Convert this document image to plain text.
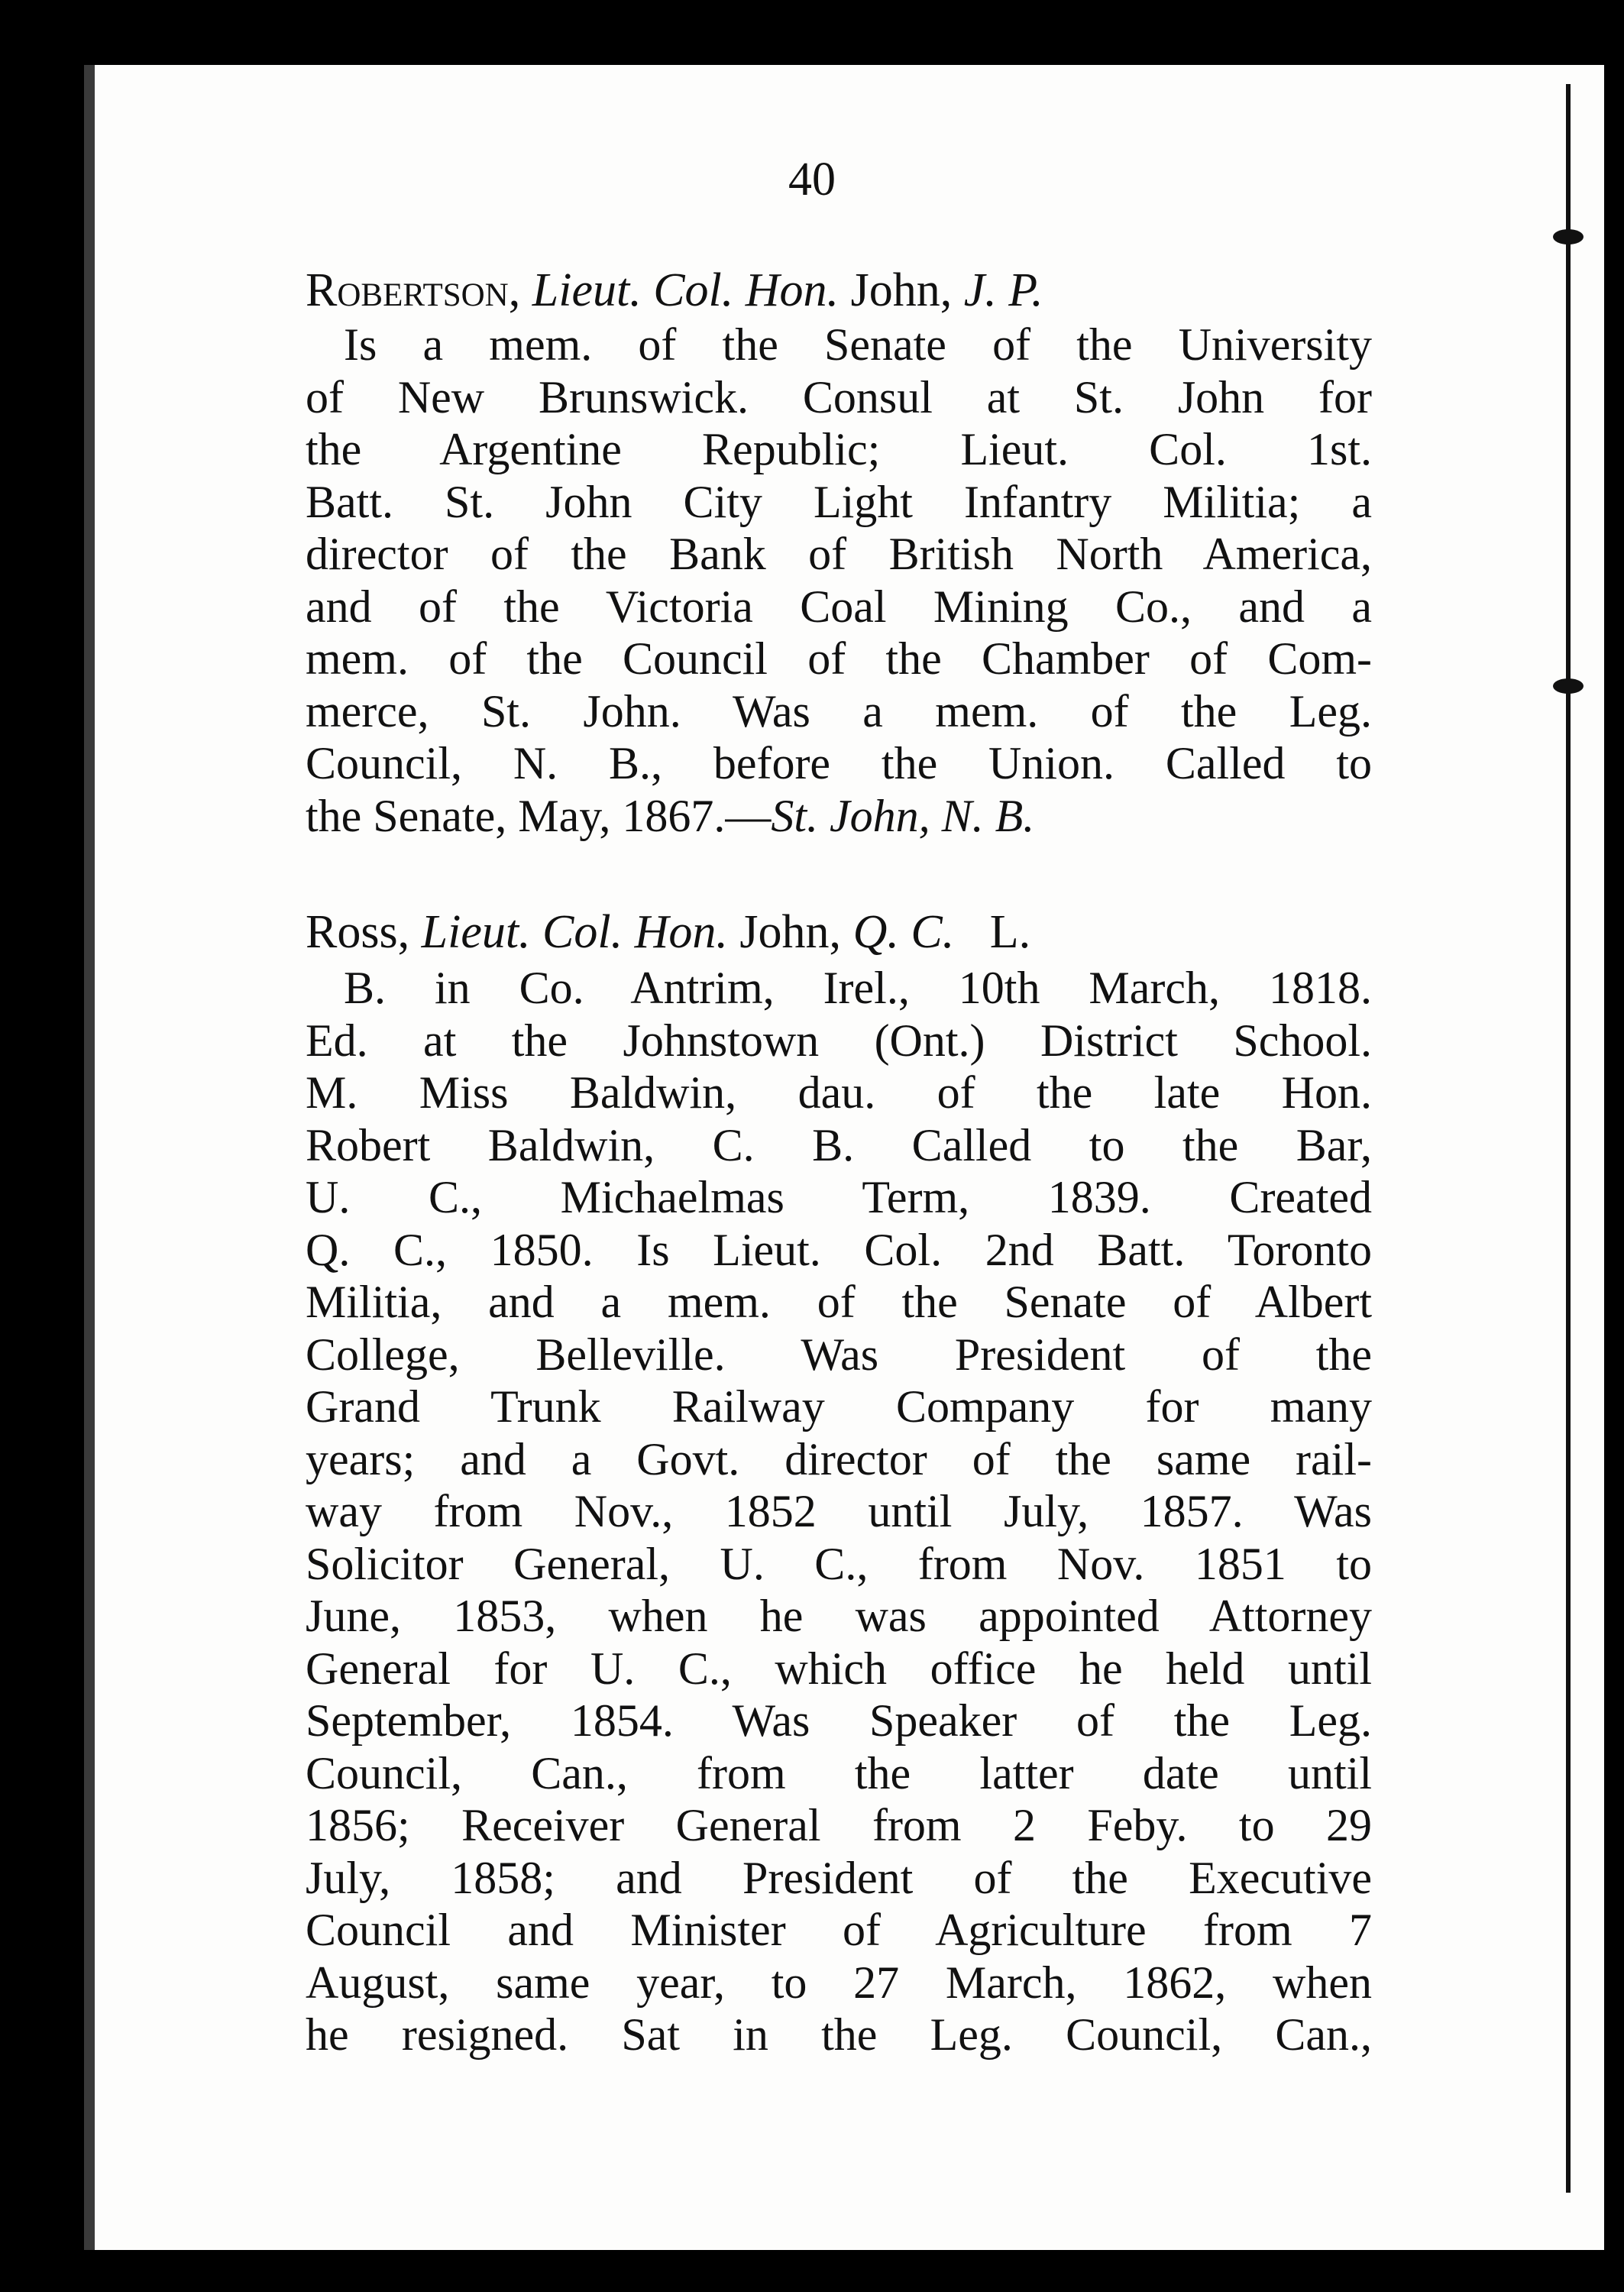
40
Robertson, Lieut. Col. Hon. John, J. P.
Is a mem. of the Senate of the University
of New Brunswick. Consul at St. John for
the Argentine Republic; Lieut. Col. 1st.
Batt. St. John City Light Infantry Militia; a
director of the Bank of British North America,
and of the Victoria Coal Mining Co., and a
mem. of the Council of the Chamber of Com-
merce, St. John. Was a mem. of the Leg.
Council, N. B., before the Union. Called to
the Senate, May, 1867.—St. John, N. B.
Ross, Lieut. Col. Hon. John, Q. C. L.
B. in Co. Antrim, Irel., 10th March, 1818.
Ed. at the Johnstown (Ont.) District School.
M. Miss Baldwin, dau. of the late Hon.
Robert Baldwin, C. B. Called to the Bar,
U. C., Michaelmas Term, 1839. Created
Q. C., 1850. Is Lieut. Col. 2nd Batt. Toronto
Militia, and a mem. of the Senate of Albert
College, Belleville. Was President of the
Grand Trunk Railway Company for many
years; and a Govt. director of the same rail-
way from Nov., 1852 until July, 1857. Was
Solicitor General, U. C., from Nov. 1851 to
June, 1853, when he was appointed Attorney
General for U. C., which office he held until
September, 1854. Was Speaker of the Leg.
Council, Can., from the latter date until
1856; Receiver General from 2 Feby. to 29
July, 1858; and President of the Executive
Council and Minister of Agriculture from 7
August, same year, to 27 March, 1862, when
he resigned. Sat in the Leg. Council, Can.,
